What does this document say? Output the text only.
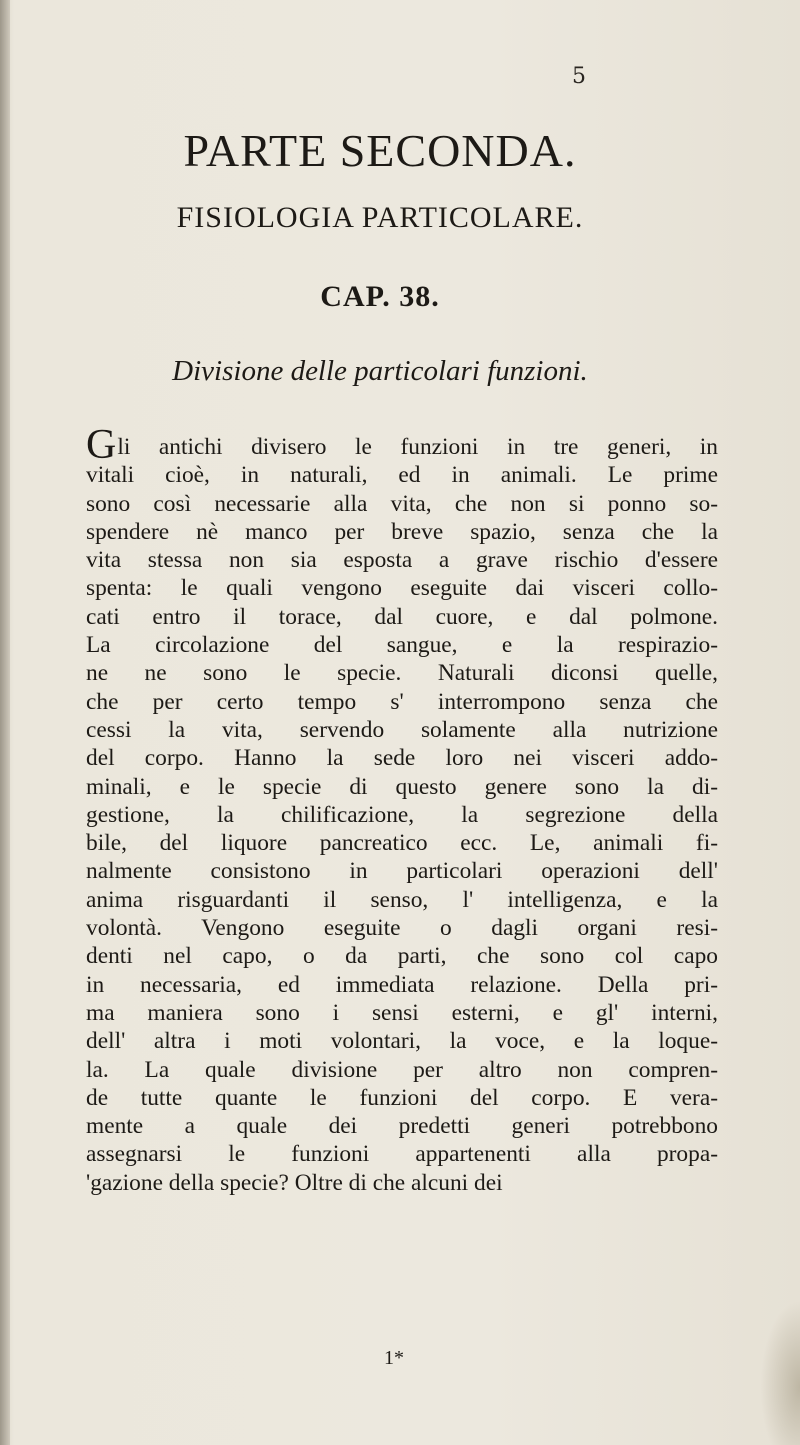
5
PARTE SECONDA.
FISIOLOGIA PARTICOLARE.
CAP. 38.
Divisione delle particolari funzioni.
Gli antichi divisero le funzioni in tre generi, in
vitali cioè, in naturali, ed in animali. Le prime
sono così necessarie alla vita, che non si ponno so-
spendere nè manco per breve spazio, senza che la
vita stessa non sia esposta a grave rischio d'essere
spenta: le quali vengono eseguite dai visceri collo-
cati entro il torace, dal cuore, e dal polmone.
La circolazione del sangue, e la respirazio-
ne ne sono le specie. Naturali diconsi quelle,
che per certo tempo s' interrompono senza che
cessi la vita, servendo solamente alla nutrizione
del corpo. Hanno la sede loro nei visceri addo-
minali, e le specie di questo genere sono la di-
gestione, la chilificazione, la segrezione della
bile, del liquore pancreatico ecc. Le, animali fi-
nalmente consistono in particolari operazioni dell'
anima risguardanti il senso, l' intelligenza, e la
volontà. Vengono eseguite o dagli organi resi-
denti nel capo, o da parti, che sono col capo
in necessaria, ed immediata relazione. Della pri-
ma maniera sono i sensi esterni, e gl' interni,
dell' altra i moti volontari, la voce, e la loque-
la. La quale divisione per altro non compren-
de tutte quante le funzioni del corpo. E vera-
mente a quale dei predetti generi potrebbono
assegnarsi le funzioni appartenenti alla propa-
'gazione della specie? Oltre di che alcuni dei
1*
